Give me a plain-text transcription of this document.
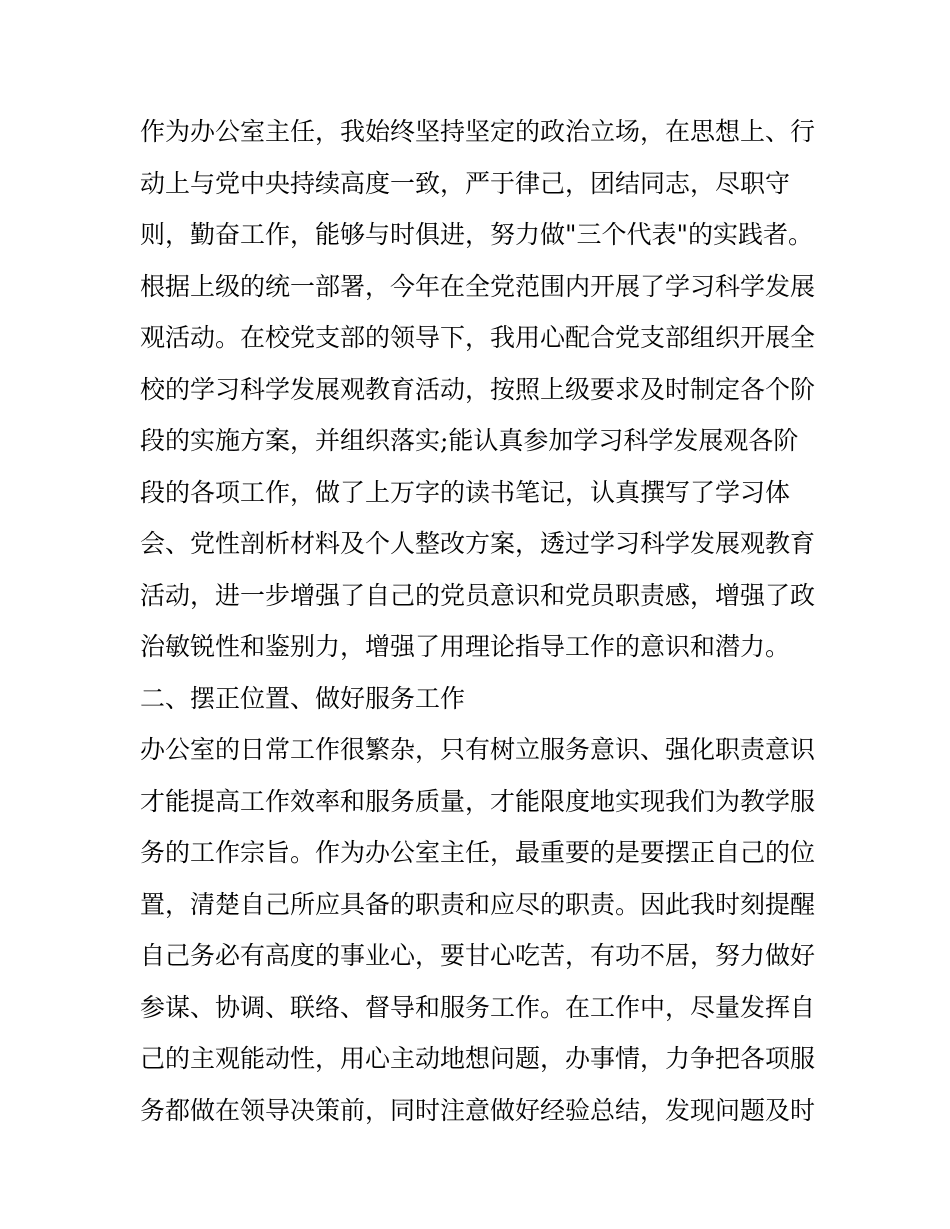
作为办公室主任，我始终坚持坚定的政治立场，在思想上、行
动上与党中央持续高度一致，严于律己，团结同志，尽职守
则，勤奋工作，能够与时俱进，努力做"三个代表"的实践者。
根据上级的统一部署，今年在全党范围内开展了学习科学发展
观活动。在校党支部的领导下，我用心配合党支部组织开展全
校的学习科学发展观教育活动，按照上级要求及时制定各个阶
段的实施方案，并组织落实;能认真参加学习科学发展观各阶
段的各项工作，做了上万字的读书笔记，认真撰写了学习体
会、党性剖析材料及个人整改方案，透过学习科学发展观教育
活动，进一步增强了自己的党员意识和党员职责感，增强了政
治敏锐性和鉴别力，增强了用理论指导工作的意识和潜力。
二、摆正位置、做好服务工作
办公室的日常工作很繁杂，只有树立服务意识、强化职责意识
才能提高工作效率和服务质量，才能限度地实现我们为教学服
务的工作宗旨。作为办公室主任，最重要的是要摆正自己的位
置，清楚自己所应具备的职责和应尽的职责。因此我时刻提醒
自己务必有高度的事业心，要甘心吃苦，有功不居，努力做好
参谋、协调、联络、督导和服务工作。在工作中，尽量发挥自
己的主观能动性，用心主动地想问题，办事情，力争把各项服
务都做在领导决策前，同时注意做好经验总结，发现问题及时
